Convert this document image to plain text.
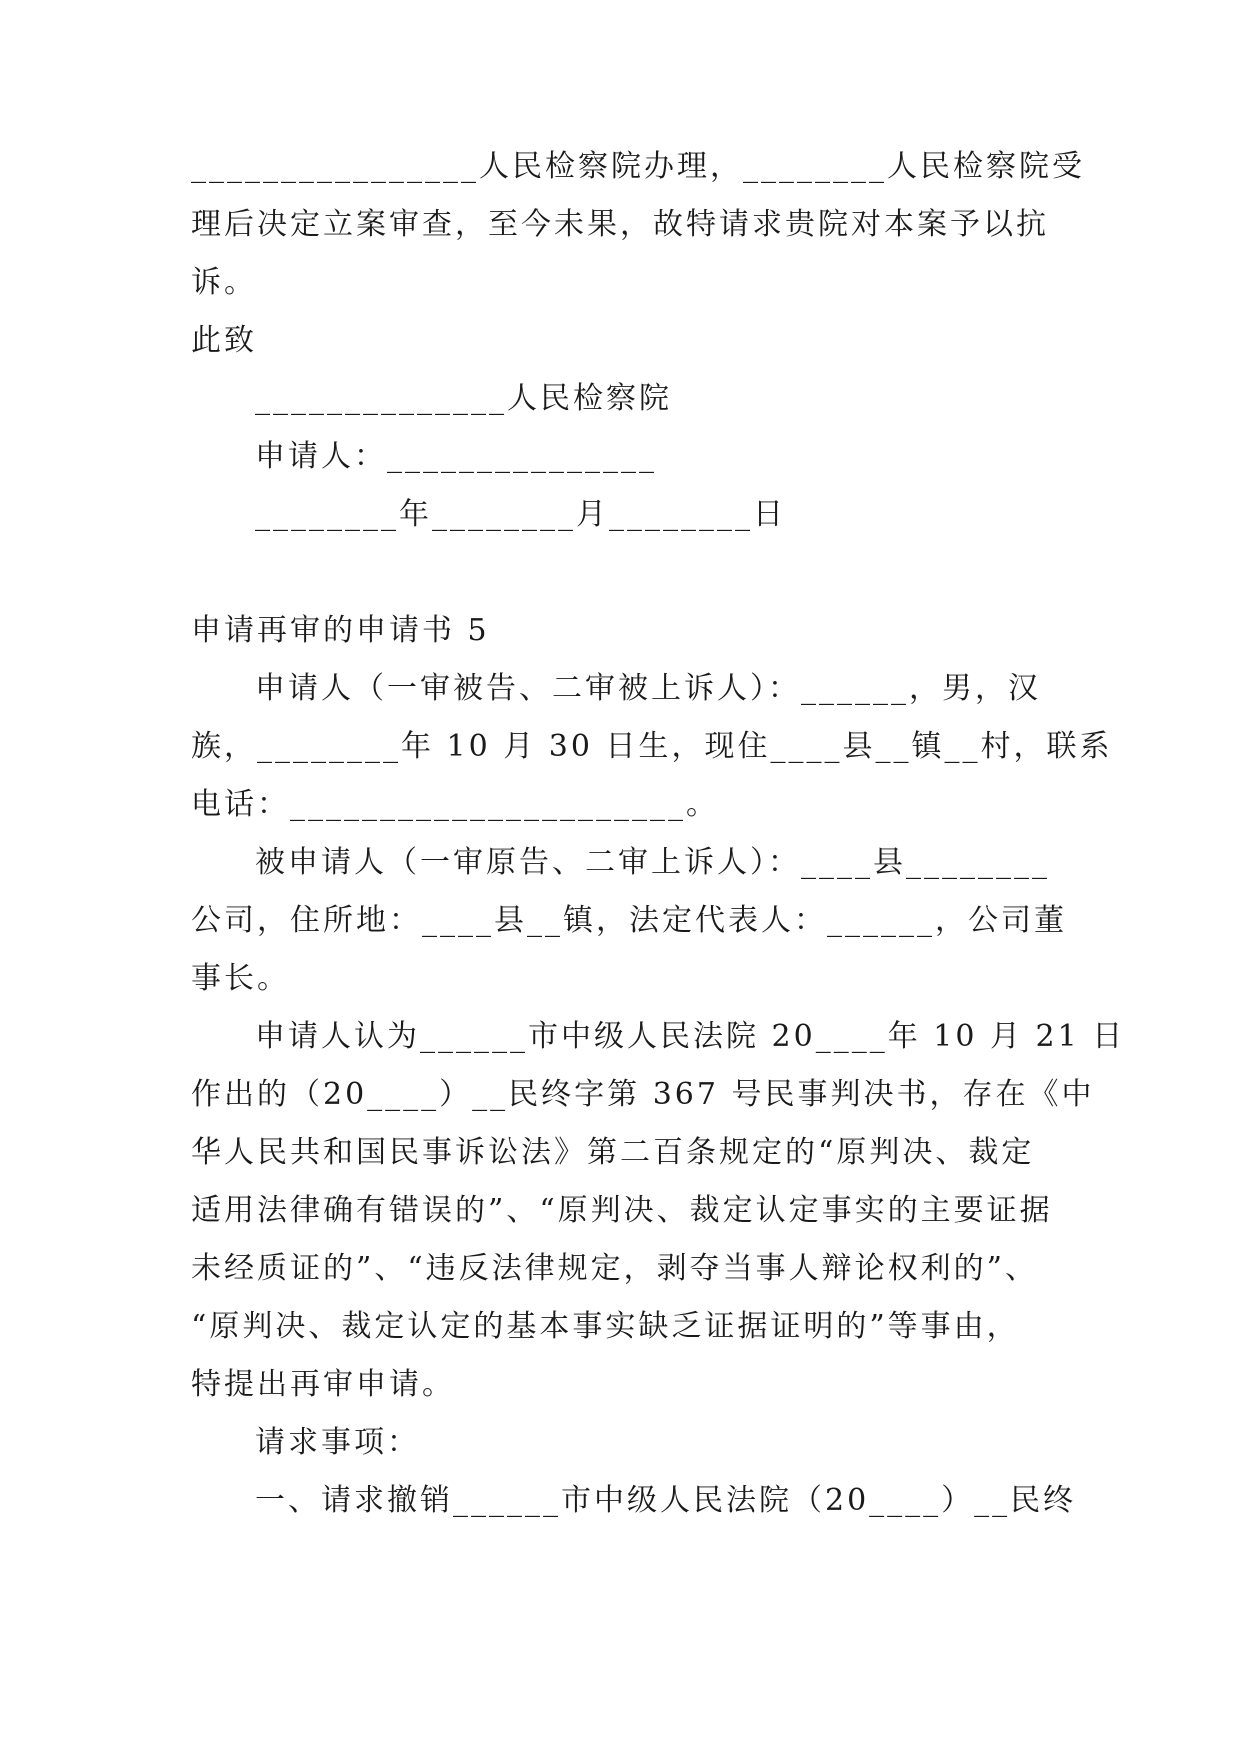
________________人民检察院办理，________人民检察院受
理后决定立案审查，至今未果，故特请求贵院对本案予以抗
诉。
此致
______________人民检察院
申请人：_______________
________年________月________日
申请再审的申请书 5
申请人（一审被告、二审被上诉人）：______，男，汉
族，________年 10 月 30 日生，现住____县__镇__村，联系
电话：______________________。
被申请人（一审原告、二审上诉人）：____县________
公司，住所地：____县__镇，法定代表人：______，公司董
事长。
申请人认为______市中级人民法院 20____年 10 月 21 日
作出的（20____）__民终字第 367 号民事判决书，存在《中
华人民共和国民事诉讼法》第二百条规定的“原判决、裁定
适用法律确有错误的”、“原判决、裁定认定事实的主要证据
未经质证的”、“违反法律规定，剥夺当事人辩论权利的”、
“原判决、裁定认定的基本事实缺乏证据证明的”等事由，
特提出再审申请。
请求事项：
一、请求撤销______市中级人民法院（20____）__民终
